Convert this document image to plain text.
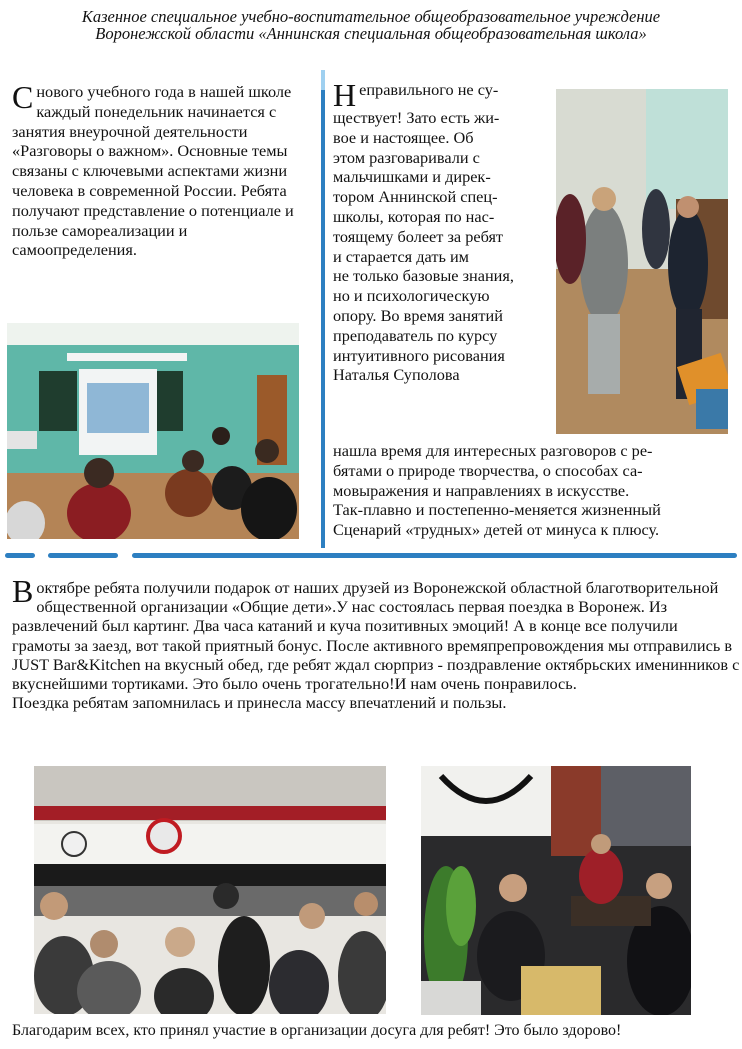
Казенное специальное учебно-воспитательное общеобразовательное учреждение
Воронежской области «Аннинская специальная общеобразовательная школа»
С нового учебного года в нашей школе каждый понедельник начинается с занятия внеурочной деятельности «Разговоры о важном». Основные темы связаны с ключевыми аспектами жизни человека в современной России. Ребята получают представление о потенциале и пользе самореализации и самоопределения.
Неправильного не су-
ществует! Зато есть жи-
вое и настоящее. Об
этом разговаривали с
мальчишками и дирек-
тором Аннинской спец-
школы, которая по нас-
тоящему болеет за ребят
и старается дать им
не только базовые знания,
но и психологическую
опору. Во время занятий
преподаватель по курсу
интуитивного рисования
Наталья Суполова
нашла время для интересных разговоров с ре-
бятами о природе творчества, о способах са-
мовыражения и направлениях в искусстве.
Так-плавно и постепенно-меняется жизненный
Сценарий «трудных» детей от минуса к плюсу.
В октябре ребята получили подарок от наших друзей из Воронежской областной благотворительной общественной организации «Общие дети».У нас состоялась первая поездка в Воронеж. Из развлечений был картинг. Два часа катаний и куча позитивных эмоций! А в конце все получили грамоты за заезд, вот такой приятный бонус. После активного времяпрепровождения мы отправились в JUST Bar&Kitchen на вкусный обед, где ребят ждал сюрприз - поздравление октябрьских именинников с вкуснейшими тортиками. Это было очень трогательно!И нам очень понравилось.
Поездка ребятам запомнилась и принесла массу впечатлений и пользы.
Благодарим всех, кто принял участие в организации досуга для ребят! Это было здорово!
